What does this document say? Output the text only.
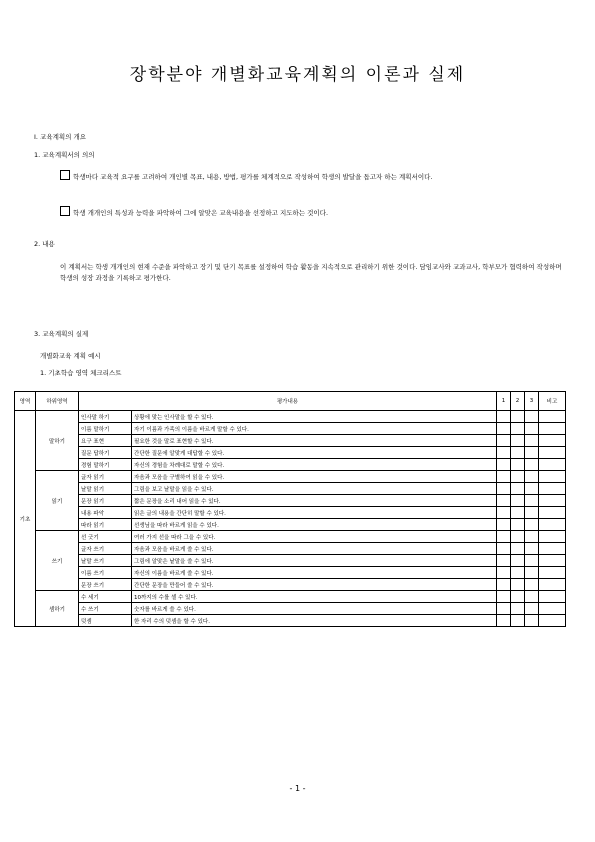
장학분야 개별화교육계획의 이론과 실제
I. 교육계획의 개요
1. 교육계획서의 의의
학생마다 교육적 요구를 고려하여 개인별 목표, 내용, 방법, 평가를 체계적으로 작성하여 학생의 발달을 돕고자 하는 계획서이다.
학생 개개인의 특성과 능력을 파악하여 그에 알맞은 교육내용을 선정하고 지도하는 것이다.
2. 내용
이 계획서는 학생 개개인의 현재 수준을 파악하고 장기 및 단기 목표를 설정하여 학습 활동을 지속적으로 관리하기 위한 것이다. 담임교사와 교과교사, 학부모가 협력하여 작성하며 학생의 성장 과정을 기록하고 평가한다.
3. 교육계획의 실제
개별화교육 계획 예시
1. 기초학습 영역 체크리스트
영역	하위영역	평가내용		1	2	3	비고
기초	말하기	인사말 하기	상황에 맞는 인사말을 할 수 있다.				
		이름 말하기	자기 이름과 가족의 이름을 바르게 말할 수 있다.				
		요구 표현	필요한 것을 말로 표현할 수 있다.				
		질문 답하기	간단한 질문에 알맞게 대답할 수 있다.				
		경험 말하기	자신의 경험을 차례대로 말할 수 있다.				
	읽기	글자 읽기	자음과 모음을 구별하여 읽을 수 있다.				
		낱말 읽기	그림을 보고 낱말을 읽을 수 있다.				
		문장 읽기	짧은 문장을 소리 내어 읽을 수 있다.				
		내용 파악	읽은 글의 내용을 간단히 말할 수 있다.				
		따라 읽기	선생님을 따라 바르게 읽을 수 있다.				
	쓰기	선 긋기	여러 가지 선을 따라 그을 수 있다.				
		글자 쓰기	자음과 모음을 바르게 쓸 수 있다.				
		낱말 쓰기	그림에 알맞은 낱말을 쓸 수 있다.				
		이름 쓰기	자신의 이름을 바르게 쓸 수 있다.				
		문장 쓰기	간단한 문장을 만들어 쓸 수 있다.				
	셈하기	수 세기	10까지의 수를 셀 수 있다.				
		수 쓰기	숫자를 바르게 쓸 수 있다.				
		덧셈	한 자리 수의 덧셈을 할 수 있다.				
- 1 -
